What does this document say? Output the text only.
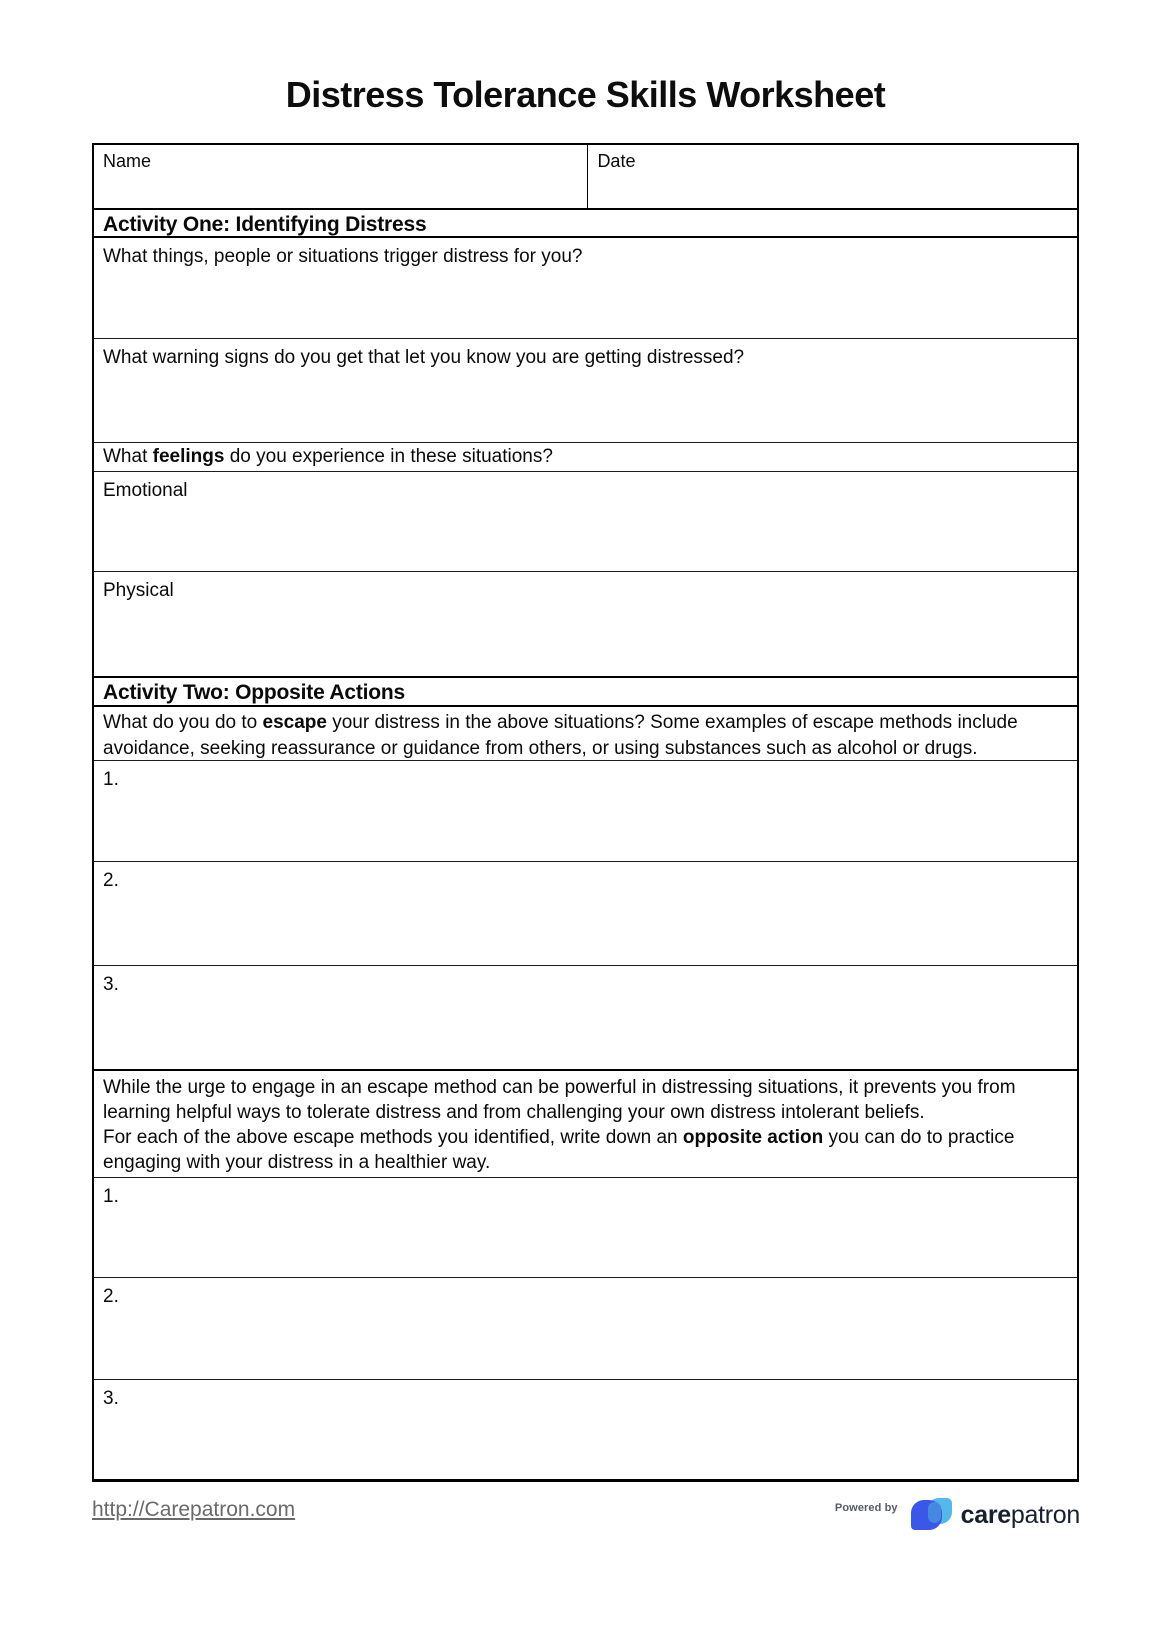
Distress Tolerance Skills Worksheet
Name	Date
Activity One: Identifying Distress
What things, people or situations trigger distress for you?
What warning signs do you get that let you know you are getting distressed?
What feelings do you experience in these situations?
Emotional
Physical
Activity Two: Opposite Actions
What do you do to escape your distress in the above situations? Some examples of escape methods include avoidance, seeking reassurance or guidance from others, or using substances such as alcohol or drugs.
1.
2.
3.

While the urge to engage in an escape method can be powerful in distressing situations, it prevents you from learning helpful ways to tolerate distress and from challenging your own distress intolerant beliefs.

For each of the above escape methods you identified, write down an opposite action you can do to practice engaging with your distress in a healthier way.

1.
2.
3.
http://Carepatron.com	Powered by	carepatron
